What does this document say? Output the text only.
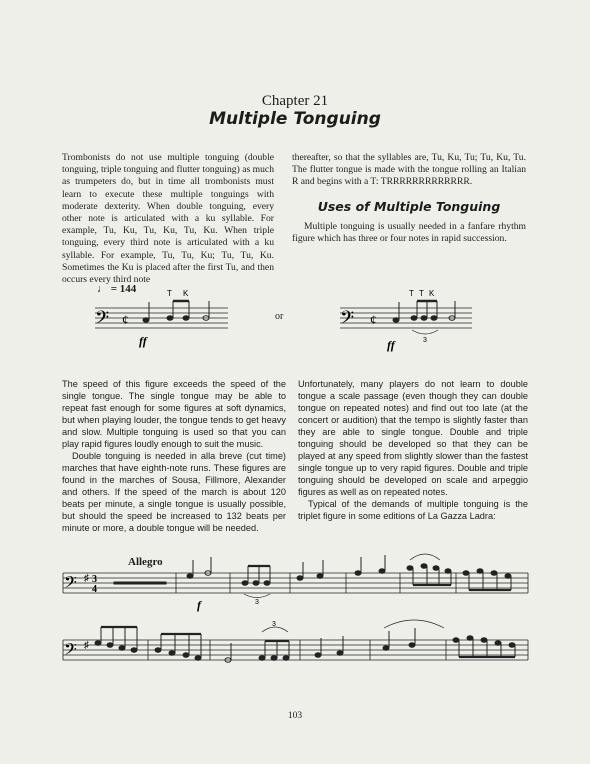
Chapter 21
Multiple Tonguing

Trombonists do not use multiple tonguing (double tonguing, triple tonguing and flutter tonguing) as much as trumpeters do, but in time all trombonists must learn to execute these multiple tonguings with moderate dexterity. When double tonguing, every other note is articulated with a ku syllable. For example, Tu, Ku, Tu, Ku, Tu, Ku. When triple tonguing, every third note is articulated with a ku syllable. For example, Tu, Tu, Ku; Tu, Tu, Ku. Sometimes the Ku is placed after the first Tu, and then occurs every third note

thereafter, so that the syllables are, Tu, Ku, Tu; Tu, Ku, Tu. The flutter tongue is made with the tongue rolling an Italian R and begins with a T: TRRRRRRRRRRRRR.

Uses of Multiple Tonguing

Multiple tonguing is usually needed in a fanfare rhythm figure which has three or four notes in rapid succession.

♩ = 144
or
𝄢 ¢
T K
ff
𝄢 ¢
T T K
3
ff
𝄢 ♯ 3
4
3
f
𝄢 ♯
3

The speed of this figure exceeds the speed of the single tongue. The single tongue may be able to repeat fast enough for some figures at soft dynamics, but when playing louder, the tongue tends to get heavy and slow. Multiple tonguing is used so that you can play rapid figures loudly enough to suit the music.

Double tonguing is needed in alla breve (cut time) marches that have eighth-note runs. These figures are found in the marches of Sousa, Fillmore, Alexander and others. If the speed of the march is about 120 beats per minute, a single tongue is usually possible, but should the speed be increased to 132 beats per minute or more, a double tongue will be needed.

Unfortunately, many players do not learn to double tongue a scale passage (even though they can double tongue on repeated notes) and find out too late (at the concert or audition) that the tempo is slightly faster than they are able to single tongue. Double and triple tonguing should be developed so that they can be played at any speed from slightly slower than the fastest single tongue up to very rapid figures. Double and triple tonguing should be developed on scale and arpeggio figures as well as on repeated notes.

Typical of the demands of multiple tonguing is the triplet figure in some editions of La Gazza Ladra:

Allegro
103
